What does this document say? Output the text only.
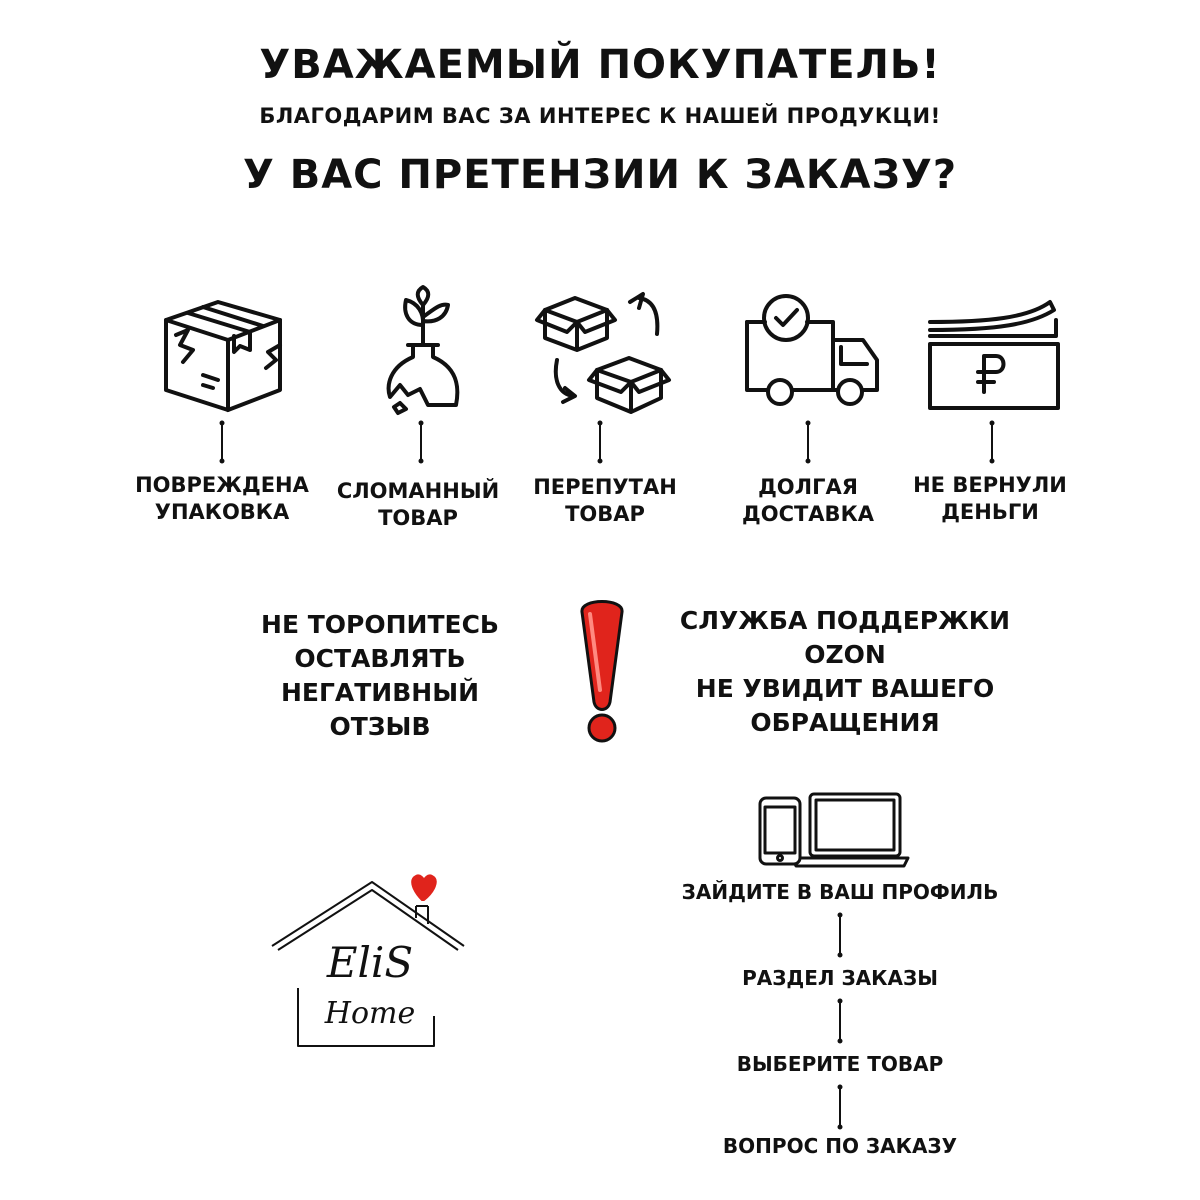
УВАЖАЕМЫЙ ПОКУПАТЕЛЬ!
БЛАГОДАРИМ ВАС ЗА ИНТЕРЕС К НАШЕЙ ПРОДУКЦИ!
У ВАС ПРЕТЕНЗИИ К ЗАКАЗУ?
ПОВРЕЖДЕНА
УПАКОВКА
СЛОМАННЫЙ
ТОВАР
ПЕРЕПУТАН
ТОВАР
ДОЛГАЯ
ДОСТАВКА
НЕ ВЕРНУЛИ
ДЕНЬГИ
НЕ ТОРОПИТЕСЬ
ОСТАВЛЯТЬ
НЕГАТИВНЫЙ
ОТЗЫВ
СЛУЖБА ПОДДЕРЖКИ
OZON
НЕ УВИДИТ ВАШЕГО
ОБРАЩЕНИЯ
EliS
Home
ЗАЙДИТЕ В ВАШ ПРОФИЛЬ
РАЗДЕЛ ЗАКАЗЫ
ВЫБЕРИТЕ ТОВАР
ВОПРОС ПО ЗАКАЗУ
